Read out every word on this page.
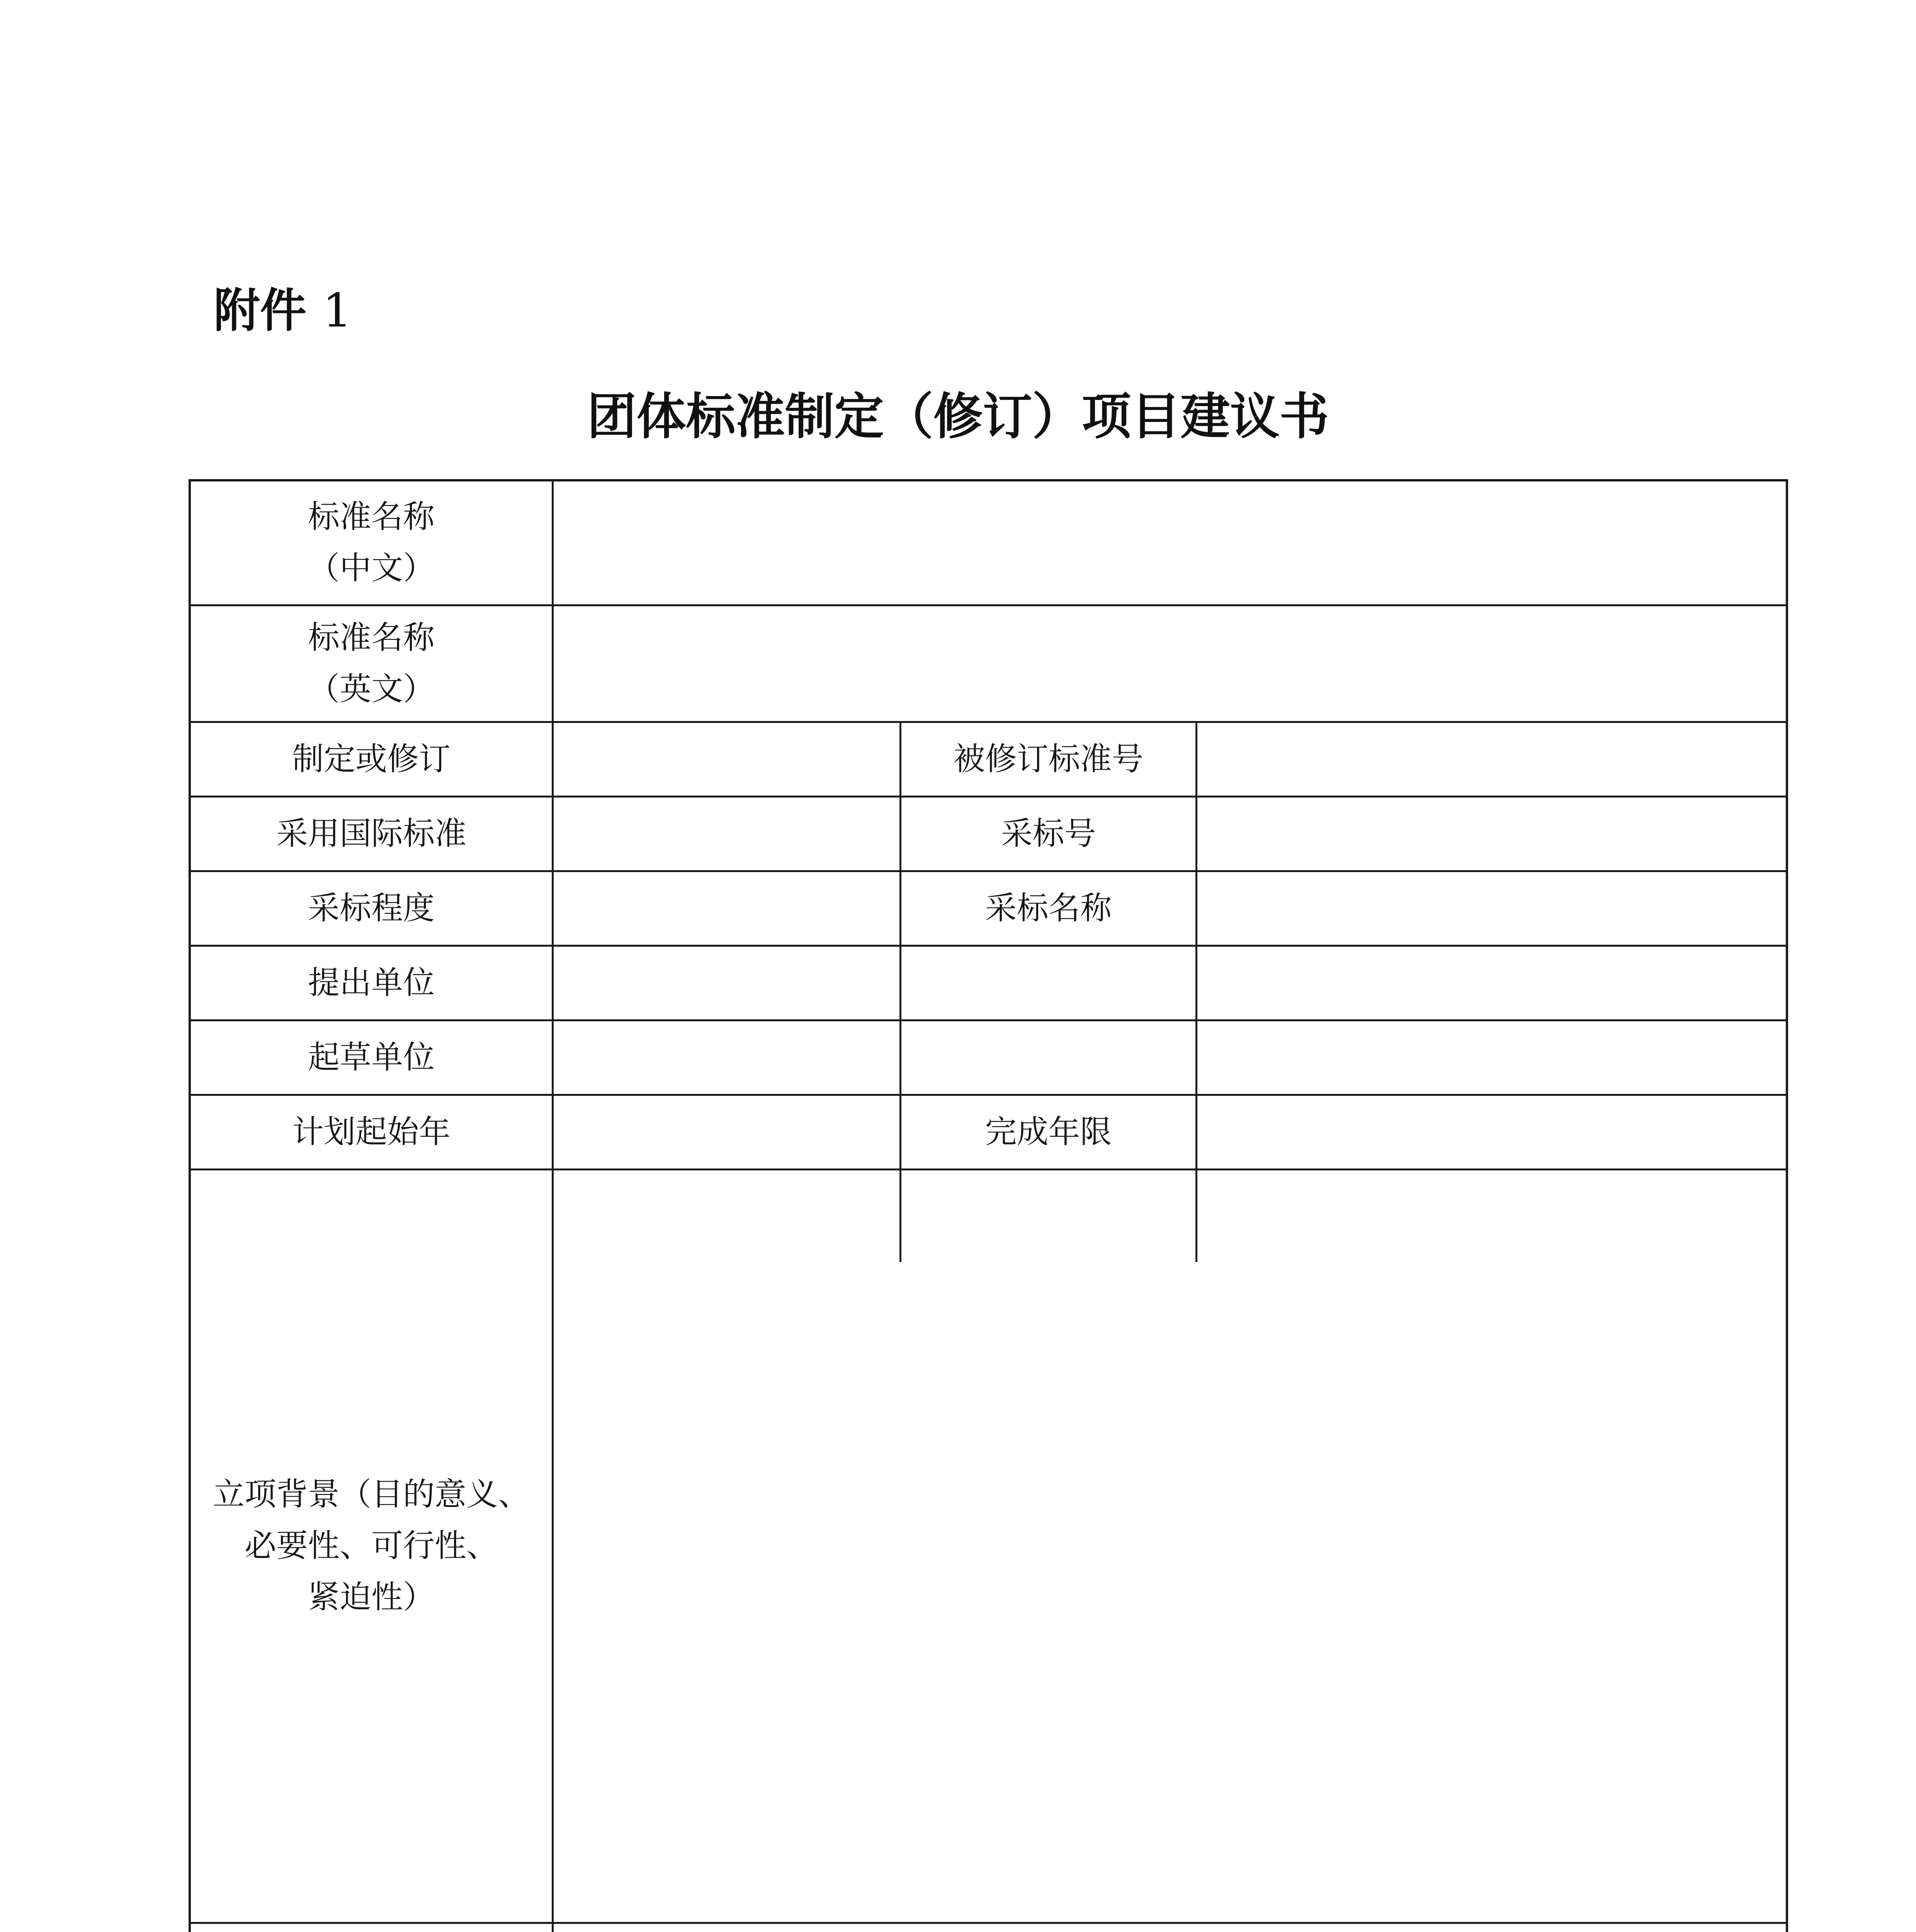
附件 1
团体标准制定（修订）项目建议书
标准名称
（中文）
标准名称
（英文）
制定或修订	被修订标准号
采用国际标准	采标号
采标程度	采标名称
提出单位
起草单位
计划起始年	完成年限
立项背景（目的意义、
必要性、可行性、
紧迫性）
